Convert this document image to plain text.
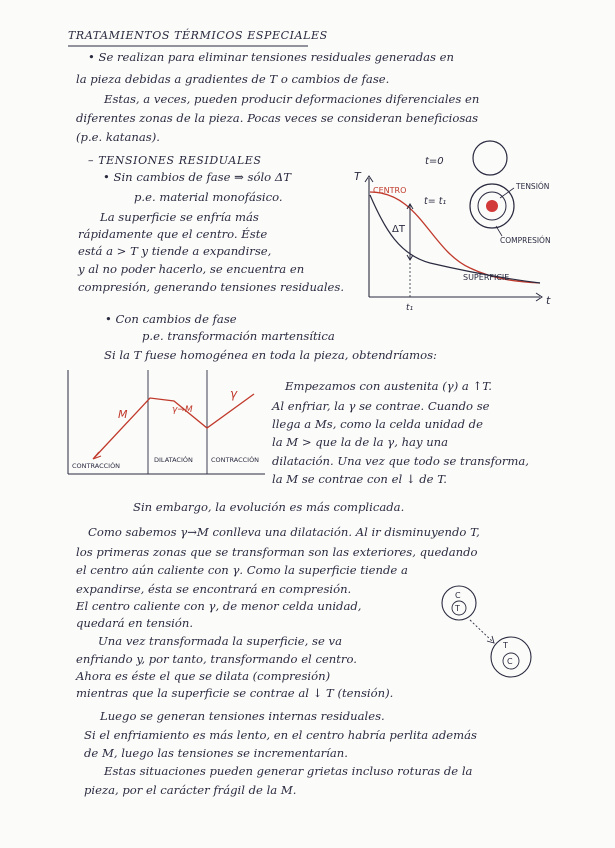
TRATAMIENTOS TÉRMICOS ESPECIALES
• Se realizan para eliminar tensiones residuales generadas en
la pieza debidas a gradientes de T o cambios de fase.
Estas, a veces, pueden producir deformaciones diferenciales en
diferentes zonas de la pieza. Pocas veces se consideran beneficiosas
(p.e. katanas).
– TENSIONES RESIDUALES
• Sin cambios de fase ⇒ sólo ΔT
p.e. material monofásico.
La superficie se enfría más
rápidamente que el centro. Éste
está a > T y tiende a expandirse,
y al no poder hacerlo, se encuentra en
compresión, generando tensiones residuales.
t=0
TENSIÓN
COMPRESIÓN
T
t
CENTRO
SUPERFICIE
ΔT
t= t₁
t₁
• Con cambios de fase
p.e. transformación martensítica
Si la T fuese homogénea en toda la pieza, obtendríamos:
M
γ
γ→M
CONTRACCIÓN
DILATACIÓN	CONTRACCIÓN
Empezamos con austenita (γ) a ↑T.
Al enfriar, la γ se contrae. Cuando se
llega a Ms, como la celda unidad de
la M > que la de la γ, hay una
dilatación. Una vez que todo se transforma,
la M se contrae con el ↓ de T.
Sin embargo, la evolución es más complicada.
Como sabemos γ→M conlleva una dilatación. Al ir disminuyendo T,
los primeras zonas que se transforman son las exteriores, quedando
el centro aún caliente con γ. Como la superficie tiende a
expandirse, ésta se encontrará en compresión.
El centro caliente con γ, de menor celda unidad,
quedará en tensión.
Una vez transformada la superficie, se va
enfriando y, por tanto, transformando el centro.
Ahora es éste el que se dilata (compresión)
mientras que la superficie se contrae al ↓ T (tensión).
Luego se generan tensiones internas residuales.
Si el enfriamiento es más lento, en el centro habría perlita además
de M, luego las tensiones se incrementarían.
Estas situaciones pueden generar grietas incluso roturas de la
pieza, por el carácter frágil de la M.
C
T
T
C
